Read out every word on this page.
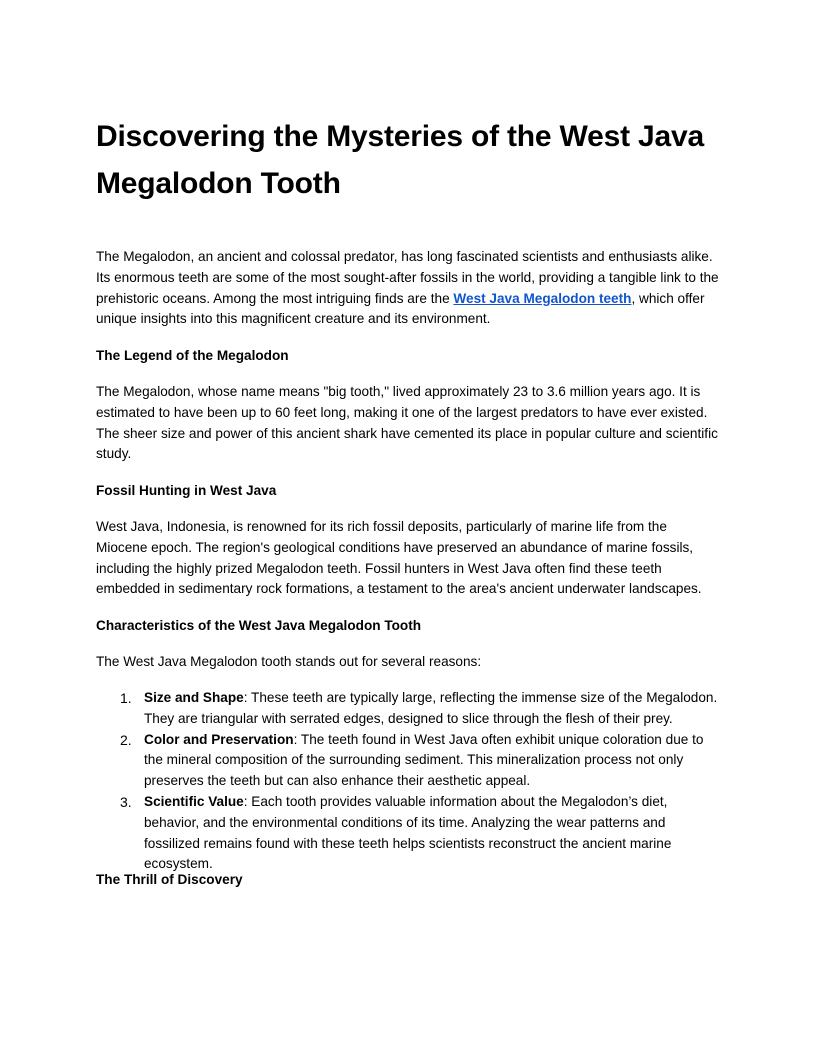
Discovering the Mysteries of the West Java Megalodon Tooth

The Megalodon, an ancient and colossal predator, has long fascinated scientists and enthusiasts alike. Its enormous teeth are some of the most sought-after fossils in the world, providing a tangible link to the prehistoric oceans. Among the most intriguing finds are the West Java Megalodon teeth, which offer unique insights into this magnificent creature and its environment.

The Legend of the Megalodon

The Megalodon, whose name means "big tooth," lived approximately 23 to 3.6 million years ago. It is estimated to have been up to 60 feet long, making it one of the largest predators to have ever existed. The sheer size and power of this ancient shark have cemented its place in popular culture and scientific study.

Fossil Hunting in West Java

West Java, Indonesia, is renowned for its rich fossil deposits, particularly of marine life from the Miocene epoch. The region's geological conditions have preserved an abundance of marine fossils, including the highly prized Megalodon teeth. Fossil hunters in West Java often find these teeth embedded in sedimentary rock formations, a testament to the area's ancient underwater landscapes.

Characteristics of the West Java Megalodon Tooth

The West Java Megalodon tooth stands out for several reasons:

1. Size and Shape: These teeth are typically large, reflecting the immense size of the Megalodon. They are triangular with serrated edges, designed to slice through the flesh of their prey.
2. Color and Preservation: The teeth found in West Java often exhibit unique coloration due to the mineral composition of the surrounding sediment. This mineralization process not only preserves the teeth but can also enhance their aesthetic appeal.
3. Scientific Value: Each tooth provides valuable information about the Megalodon’s diet, behavior, and the environmental conditions of its time. Analyzing the wear patterns and fossilized remains found with these teeth helps scientists reconstruct the ancient marine ecosystem.

The Thrill of Discovery
